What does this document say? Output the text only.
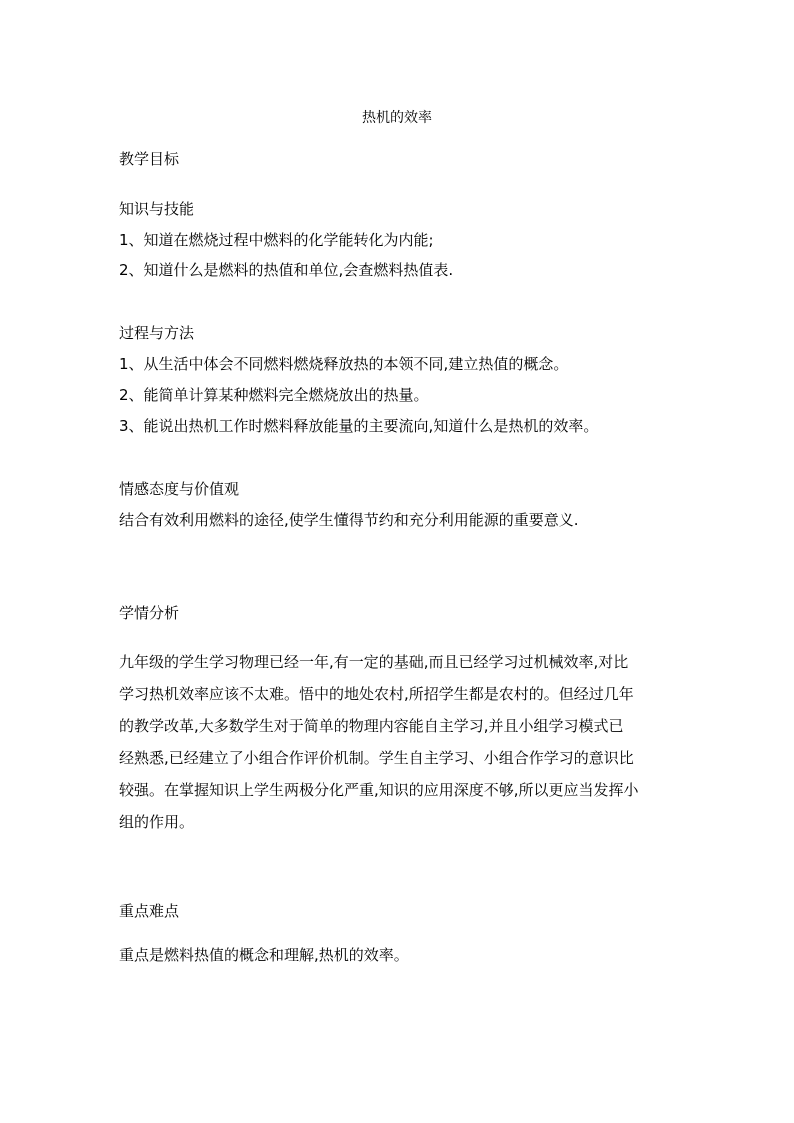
热机的效率
教学目标
知识与技能
1、知道在燃烧过程中燃料的化学能转化为内能;
2、知道什么是燃料的热值和单位,会查燃料热值表.
过程与方法
1、从生活中体会不同燃料燃烧释放热的本领不同,建立热值的概念。
2、能简单计算某种燃料完全燃烧放出的热量。
3、能说出热机工作时燃料释放能量的主要流向,知道什么是热机的效率。
情感态度与价值观
结合有效利用燃料的途径,使学生懂得节约和充分利用能源的重要意义.
学情分析
九年级的学生学习物理已经一年,有一定的基础,而且已经学习过机械效率,对比
学习热机效率应该不太难。悟中的地处农村,所招学生都是农村的。但经过几年
的教学改革,大多数学生对于简单的物理内容能自主学习,并且小组学习模式已
经熟悉,已经建立了小组合作评价机制。学生自主学习、小组合作学习的意识比
较强。在掌握知识上学生两极分化严重,知识的应用深度不够,所以更应当发挥小
组的作用。
重点难点
重点是燃料热值的概念和理解,热机的效率。
